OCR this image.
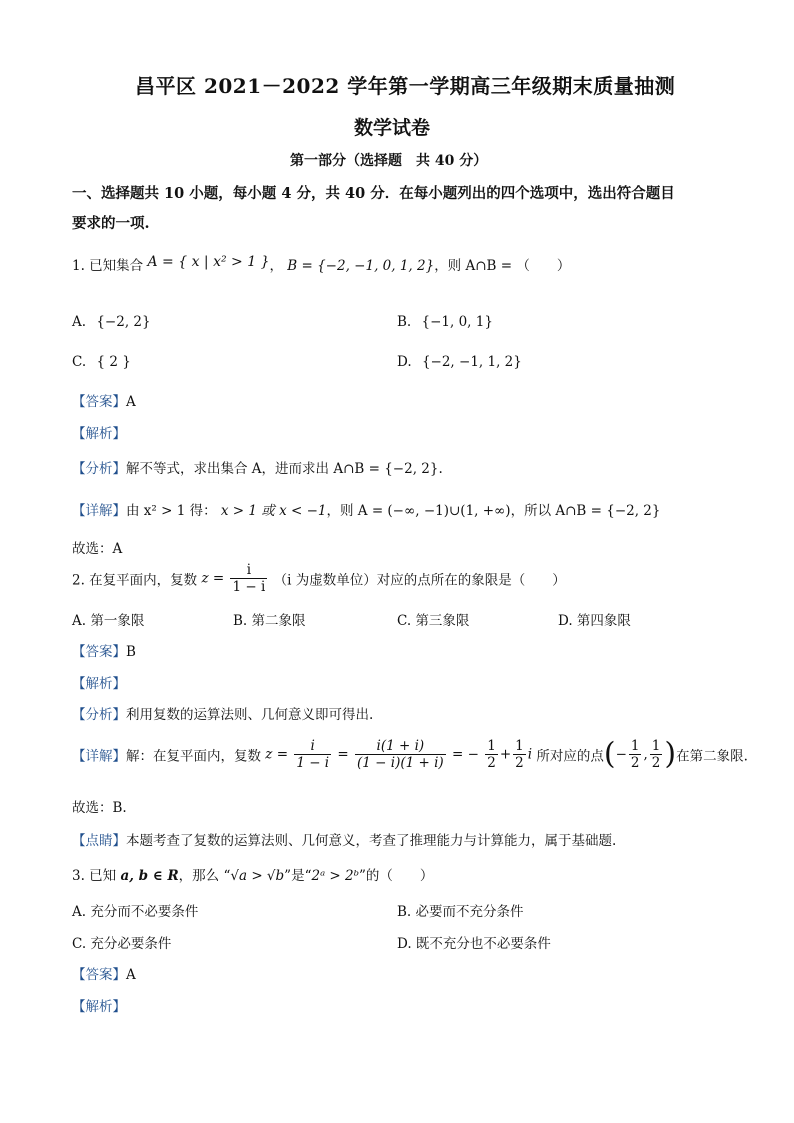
昌平区 2021－2022 学年第一学期高三年级期末质量抽测
数学试卷
第一部分（选择题　共 40 分）
一、选择题共 10 小题，每小题 4 分，共 40 分．在每小题列出的四个选项中，选出符合题目
要求的一项.
1. 已知集合 A = { x | x² > 1 }， B = {−2, −1, 0, 1, 2}，则 A∩B = （　　）
A. {−2, 2}	B. {−1, 0, 1}
C. { 2 }	D. {−2, −1, 1, 2}
【答案】A
【解析】
【分析】解不等式，求出集合 A，进而求出 A∩B = {−2, 2}.
【详解】由 x² > 1 得： x > 1 或 x < −1，则 A = (−∞, −1)∪(1, +∞)，所以 A∩B = {−2, 2}
故选：A
2. 在复平面内，复数 $z = \frac{i}{1 - i} (i$ 为虚数单位）对应的点所在的象限是（　　）
A. 第一象限	B. 第二象限	C. 第三象限	D. 第四象限
【答案】B
【解析】
【分析】利用复数的运算法则、几何意义即可得出.
【详解】解：在复平面内，复数 $z = \frac{i}{1 - i} = \frac{i(1 + i)}{(1 - i)(1 + i)}$ = − $\frac{1}{2} + \frac{1}{2}$ i 所对应的点(− $\frac{1}{2}$ , $\frac{1}{2}$ )在第二象限.
故选：B.
【点睛】本题考查了复数的运算法则、几何意义，考查了推理能力与计算能力，属于基础题.
3. 已知 a, b ∈ R，那么 “√a > √b”是“2ᵃ > 2ᵇ”的（　　）
A. 充分而不必要条件	B. 必要而不充分条件
C. 充分必要条件	D. 既不充分也不必要条件
【答案】A
【解析】
